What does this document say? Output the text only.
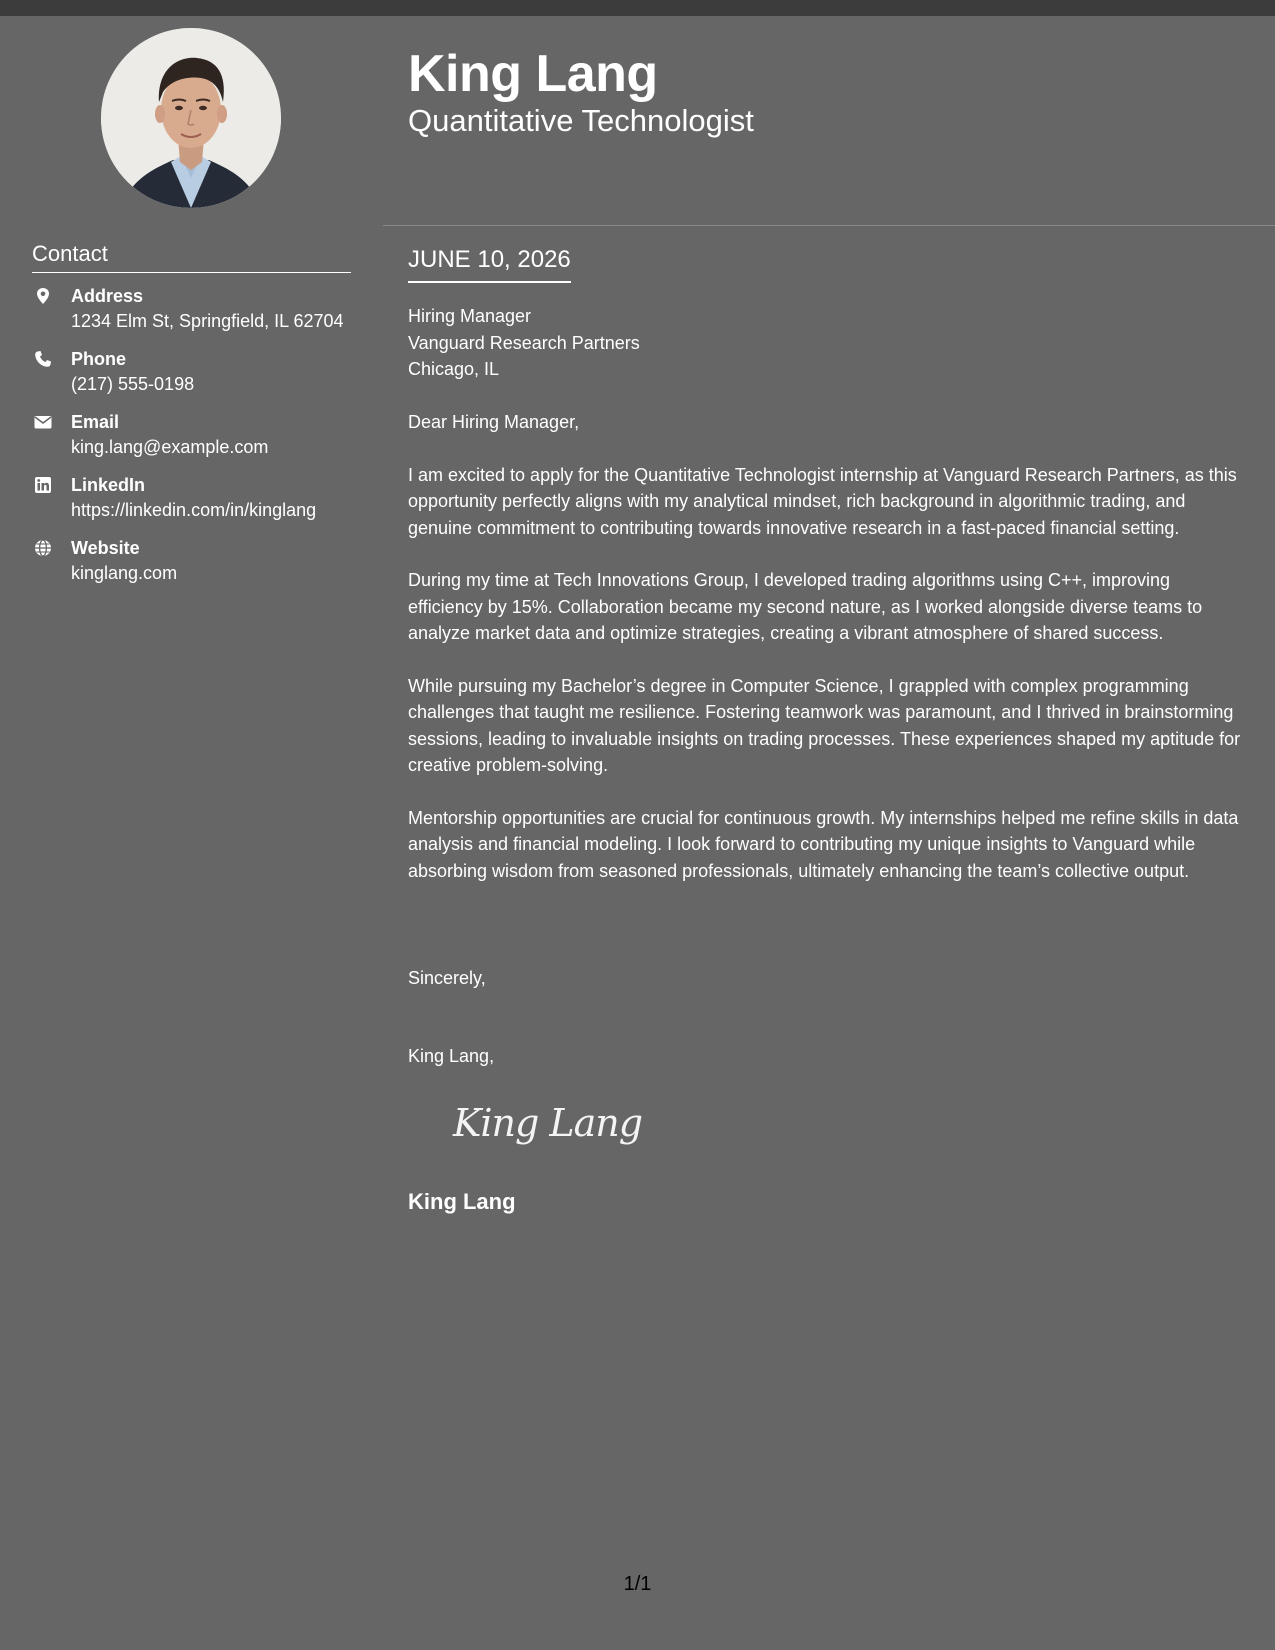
Contact
Address
1234 Elm St, Springfield, IL 62704
Phone
(217) 555-0198
Email
king.lang@example.com
LinkedIn
https://linkedin.com/in/kinglang
Website
kinglang.com
King Lang
Quantitative Technologist
JUNE 10, 2026
Hiring Manager
Vanguard Research Partners
Chicago, IL

Dear Hiring Manager,

I am excited to apply for the Quantitative Technologist internship at Vanguard Research Partners, as this opportunity perfectly aligns with my analytical mindset, rich background in algorithmic trading, and genuine commitment to contributing towards innovative research in a fast-paced financial setting.

During my time at Tech Innovations Group, I developed trading algorithms using C++, improving efficiency by 15%. Collaboration became my second nature, as I worked alongside diverse teams to analyze market data and optimize strategies, creating a vibrant atmosphere of shared success.

While pursuing my Bachelor’s degree in Computer Science, I grappled with complex programming challenges that taught me resilience. Fostering teamwork was paramount, and I thrived in brainstorming sessions, leading to invaluable insights on trading processes. These experiences shaped my aptitude for creative problem-solving.

Mentorship opportunities are crucial for continuous growth. My internships helped me refine skills in data analysis and financial modeling. I look forward to contributing my unique insights to Vanguard while absorbing wisdom from seasoned professionals, ultimately enhancing the team’s collective output.

Sincerely,
King Lang,
King Lang
King Lang
1/1
